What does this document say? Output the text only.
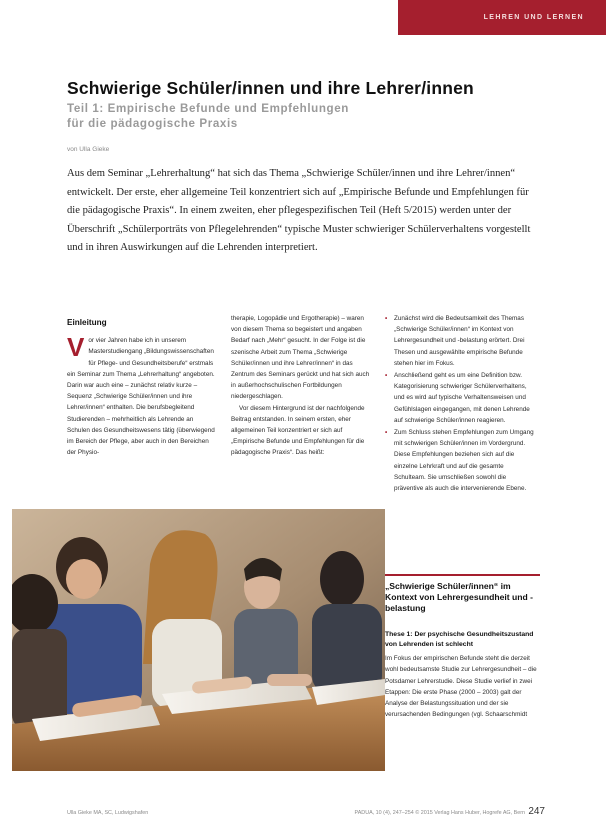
LEHREN UND LERNEN
Schwierige Schüler/innen und ihre Lehrer/innen
Teil 1: Empirische Befunde und Empfehlungen
für die pädagogische Praxis
von Ulla Gieke

Aus dem Seminar „Lehrerhaltung“ hat sich das Thema „Schwierige Schüler/innen und ihre Lehrer/innen“ entwickelt. Der erste, eher allgemeine Teil konzentriert sich auf „Empirische Befunde und Empfehlungen für die pädagogische Praxis“. In einem zweiten, eher pflegespezifischen Teil (Heft 5/2015) werden unter der Überschrift „Schülerporträts von Pflegelehrenden“ typische Muster schwieriger Schülerverhaltens vorgestellt und in ihren Auswirkungen auf die Lehrenden interpretiert.

Einleitung

Vor vier Jahren habe ich in unserem Masterstudiengang „Bildungswissenschaften für Pflege- und Gesundheitsberufe“ erstmals ein Seminar zum Thema „Lehrerhaltung“ angeboten. Darin war auch eine – zunächst relativ kurze – Sequenz „Schwierige Schüler/innen und ihre Lehrer/innen“ enthalten. Die berufsbegleitend Studierenden – mehrheitlich als Lehrende an Schulen des Gesundheitswesens tätig (überwiegend im Bereich der Pflege, aber auch in den Bereichen der Physio-

therapie, Logopädie und Ergotherapie) – waren von diesem Thema so begeistert und angaben Bedarf nach „Mehr“ gesucht. In der Folge ist die szenische Arbeit zum Thema „Schwierige Schüler/innen und ihre Lehrer/innen“ in das Zentrum des Seminars gerückt und hat sich auch in außerhochschulischen Fortbildungen niedergeschlagen.

Vor diesem Hintergrund ist der nachfolgende Beitrag entstanden. In seinem ersten, eher allgemeinen Teil konzentriert er sich auf „Empirische Befunde und Empfehlungen für die pädagogische Praxis“. Das heißt:

• Zunächst wird die Bedeutsamkeit des Themas „Schwierige Schüler/innen“ im Kontext von Lehrergesundheit und -belastung erörtert. Drei Thesen und ausgewählte empirische Befunde stehen hier im Fokus.
• Anschließend geht es um eine Definition bzw. Kategorisierung schwieriger Schülerverhaltens, und es wird auf typische Verhaltensweisen und Gefühlslagen eingegangen, mit denen Lehrende auf schwierige Schüler/innen reagieren.
• Zum Schluss stehen Empfehlungen zum Umgang mit schwierigen Schüler/innen im Vordergrund. Diese Empfehlungen beziehen sich auf die einzelne Lehrkraft und auf die gesamte Schulteam. Sie umschließen sowohl die präventive als auch die intervenierende Ebene.
„Schwierige Schüler/innen“ im Kontext von Lehrergesundheit und -belastung
These 1: Der psychische Gesundheitszustand von Lehrenden ist schlecht

Im Fokus der empirischen Befunde steht die derzeit wohl bedeutsamste Studie zur Lehrergesundheit – die Potsdamer Lehrerstudie. Diese Studie verlief in zwei Etappen: Die erste Phase (2000 – 2003) galt der Analyse der Belastungssituation und der sie verursachenden Bedingungen (vgl. Schaarschmidt

Ulla Gieke MA, SC, Ludwigshafen	PADUA, 10 (4), 247–254 © 2015 Verlag Hans Huber, Hogrefe AG, Bern 247
